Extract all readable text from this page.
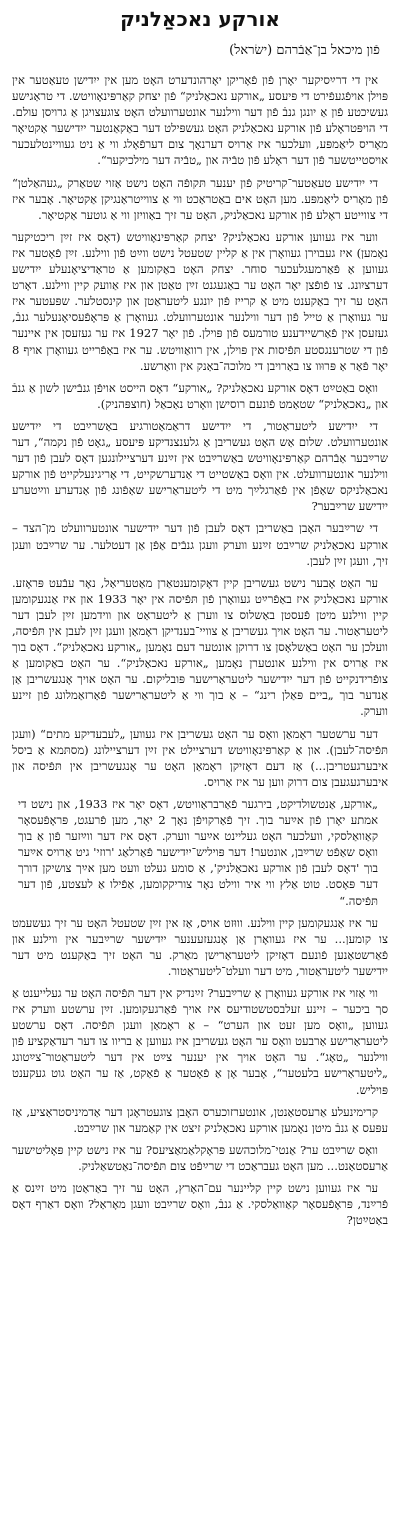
אורקע נאכאַלניק
פֿון מיכאל בן־אַבֿרהם (ישׂראל)

אין די דרײַסיקער יאָרן פֿון פֿאָריקן יאָרהונדערט האָט מען אין ייִדישן טעאַטער אין פּוילן אויפֿגעפֿירט די פּיעסע „אורקע נאכאַלניק“ פֿון יצחק קאַרפּינאָוויטש. די טראַגישע געשיכטע פֿון אַ יונגן גנבֿ פֿון דער ווילנער אונטערוועלט האָט צוגעצויגן אַ גרויסן עולם. די הויפּטראָלע פֿון אורקע נאכאַלניק האָט געשפּילט דער באַקאַנטער ייִדישער אַקטיאָר מאָריס ליאַמפּע, וועלכער איז אַרויס דערנאָך צום דערפֿאָלג ווי אַ ניט געוויינטלעכער אויסטייטשער פֿון דער ראָלע פֿון טבֿיה און „טבֿיה דער מילכיקער“.

די ייִדישע טעאַטער־קריטיק פֿון יענער תּקופֿה האָט נישט אַזוי שטאַרק „געהאַלטן“ פֿון מאָריס ליאַמפּע. מען האָט אים באַטראַכט ווי אַ צווייטראַנגיקן אַקטיאָר. אָבער איז די צווייטע ראָלע פֿון אורקע נאכאַלניק, האָט ער זיך באַוויזן ווי אַ גוטער אַקטיאָר.

ווער איז געווען אורקע נאכאַלניק? יצחק קאַרפּינאָוויטש (דאָס איז זײַן ריכטיקער נאָמען) איז געבוירן געוואָרן אין אַ קליין שטעטל נישט ווײַט פֿון ווילנע. זײַן פֿאָטער איז געווען אַ פֿאַרמעגלעכער סוחר. יצחק האָט באַקומען אַ טראַדיציאָנעלע ייִדישע דערציִונג. צו פֿופֿצן יאָר האָט ער באַגעגנט זײַן טאַטן און איז אַוועק קיין ווילנע. דאָרט האָט ער זיך באַקענט מיט אַ קרייז פֿון יונגע ליטעראַטן און קינסטלער. שפּעטער איז ער געוואָרן אַ טייל פֿון דער ווילנער אונטערוועלט. געוואָרן אַ פּראָפֿעסיאָנעלער גנבֿ, געזעסן אין פֿאַרשיידענע טורמעס פֿון פּוילן. פֿון יאָר 1927 איז ער געזעסן אין איינער פֿון די שטרענגסטע תּפֿיסות אין פּוילן, אין רוואַוויטש. ער איז באַפֿרייט געוואָרן אויף 8 יאָר פֿאַר אַ פּרוּוו צו באַרויבן די מלוכה־באַנק אין וואַרשע.

וואָס באַטײַט דאָס אורקע נאכאַלניק? „אורקע“ דאָס הייסט אויפֿן גנבֿישן לשון אַ גנבֿ און „נאכאַלניק“ שטאַמט פֿונעם רוסישן וואָרט נאַכאַל (חוצפּהניק).

די ייִדישע ליטעראַטור, די ייִדישע דראַמאַטורגיע באַשרײַבט די ייִדישע אונטערוועלט. שלום אַש האָט געשריבן אַ גלענצנדיקע פּיעסע „גאָט פֿון נקמה“, דער שרײַבער אַבֿרהם קאַרפּינאָוויטש באַשרײַבט אין זײַנע דערציילונגען דאָס לעבן פֿון דער ווילנער אונטערוועלט. אין וואָס באַשטייט די אַנדערשקייט, די אָריגינעלקייט פֿון אורקע נאכאַלניקס שאַפֿן אין פֿאַרגלײַך מיט די ליטעראַרישע שאַפֿונג פֿון אַנדערע ווײַטערע ייִדישע שרײַבער?

די שרײַבער האָבן באַשריבן דאָס לעבן פֿון דער ייִדישער אונטערוועלט מן־הצד – אורקע נאכאַלניק שרײַבט זײַנע ווערק וועגן גנבֿים אַפֿן אַן דעטלער. ער שרײַבט וועגן זיך, וועגן זײַן לעבן.

ער האָט אָבער נישט געשריבן קיין דאָקומענטאַרן מאַטעריאַל, נאָר עבֿעט פּראָזע. אורקע נאכאַלניק איז באַפֿרײַט געוואָרן פֿון תּפֿיסה אין יאָר 1933 און איז אַנגעקומען קיין ווילנע מיטן פֿעסטן באַשלוס צו ווערן אַ ליטעראַט און ווידמען זײַן לעבן דער ליטעראַטור. ער האָט אויך געשריבן אַ צוויי־בענדיקן ראָמאַן וועגן זײַן לעבן אין תּפֿיסה, וועלכן ער האָט באַשלאָסן צו דרוקן אונטער דעם נאָמען „אורקע נאכאַלניק“. דאָס בוך איז אַרויס אין ווילנע אונטערן נאָמען „אורקע נאכאַלניק“. ער האָט באַקומען אַ צופֿרידנקייט פֿון דער ייִדישער ליטעראַרישער פּובליקום. ער האָט אויך אָנגעשריבן אַן אַנדער בוך „ביים פּאַלן רינג“ – אַ בוך ווי אַ ליטעראַרישער פֿאַרזאַמלונג פֿון זיינע ווערק.

דער ערשטער ראָמאַן וואָס ער האָט געשריבן איז געווען „לעבעדיקע מתים“ (וועגן תּפֿיסה־לעבן). און אַ קאַרפּינאָוויטש דערציילט אין זײַן דערציילונג (מסתּמא אַ ביסל איבערגעטריבן...) אַז דעם דאָזיקן ראָמאַן האָט ער אָנגעשריבן אין תּפֿיסה און איבערגעגעבן צום דרוק ווען ער איז אַרויס.

„אורקע, אַנטשולדיקט, בירגער פֿאַרבראַוויטש, דאָס יאָר איז 1933, און נישט די אמתע יאָרן פֿון אײַער בוך. זיך פֿאַרקויפֿן נאָך 2 יאָר, מען פֿרעגט, פּראָפֿעסאָר קאַוואַלסקי, וועלכער האָט געליינט אײַער ווערק. דאָס איז דער ווײַזער פֿון אַ בוך וואָס שאַפֿט שרײַבן, אונטער! דער פּויליש־ייִדישער פֿאַרלאַג 'רוזי' גיט אַרויס אײַער בוך 'דאָס לעבן פֿון אורקע נאכאַלניק', אַ סומע געלט וועט מען אײַך צושיקן דורך דער פּאָסט. טוט אַלץ ווי איר ווילט נאָר צוריקקומען, אַפֿילו אַ לעצטע, פֿון דער תּפֿיסה.“

ער איז אַנגעקומען קיין ווילנע. וווּזט אויס, אַז אין זײַן שטעטל האָט ער זיך געשעמט צו קומען... ער איז געוואָרן אַן אָנגעזעענער ייִדישער שרײַבער אין ווילנע און פֿאַרשטאַנען פֿונעם דאָזיקן ליטעראַרישן מאַרק. ער האָט זיך באַקענט מיט דער ייִדישער ליטעראַטור, מיט דער וועלט־ליטעראַטור.

ווי אַזוי איז אורקע געוואָרן אַ שרײַבער? זײַנדיק אין דער תּפֿיסה האָט ער געלייענט אַ סך ביכער – זיינע זעלבסטשטודיעס איז אויך פֿאַרגעקומען. זײַן ערשטע ווערק איז געווען „וואָס מען זעט און הערט“ – אַ ראָמאַן וועגן תּפֿיסה. דאָס ערשטע ליטעראַרישע אַרבעט וואָס ער האָט געשריבן איז געווען אַ בריוו צו דער רעדאַקציע פֿון ווילנער „טאָג“. ער האָט אויך אין יענער צײַט אין דער ליטעראַטור־צײַטונג „ליטעראַרישע בלעטער“, אָבער אָן אַ פֿאָטער אַ פֿאַקט, אַז ער האָט גוט געקענט פּויליש.

קרימינעלע אַרעסטאַנטן, אונטערזוכערס האָבן צוגעטראָגן דער אַדמיניסטראַציע, אַז עפּעס אַ גנבֿ מיטן נאָמען אורקע נאכאַלניק זיצט אין קאַמער און שרײַבט.

וואָס שרײַבט ער? אַנטי־מלוכהשע פּראָקלאַמאַציעס? ער איז נישט קיין פּאָליטישער אַרעסטאַנט... מען האָט געבראַכט די שרײַפֿט צום תּפֿיסה־נאַטשאַלניק.

ער איז געווען נישט קיין קליינער עם־האָרץ, האָט ער זיך באַראַטן מיט זײַנס אַ פֿרײַנד, פּראָפֿעסאָר קאַוואַלסקי. אַ גנבֿ, וואָס שרײַבט וועגן מאָראַל? וואָס דאַרף דאָס באַטײַטן?
